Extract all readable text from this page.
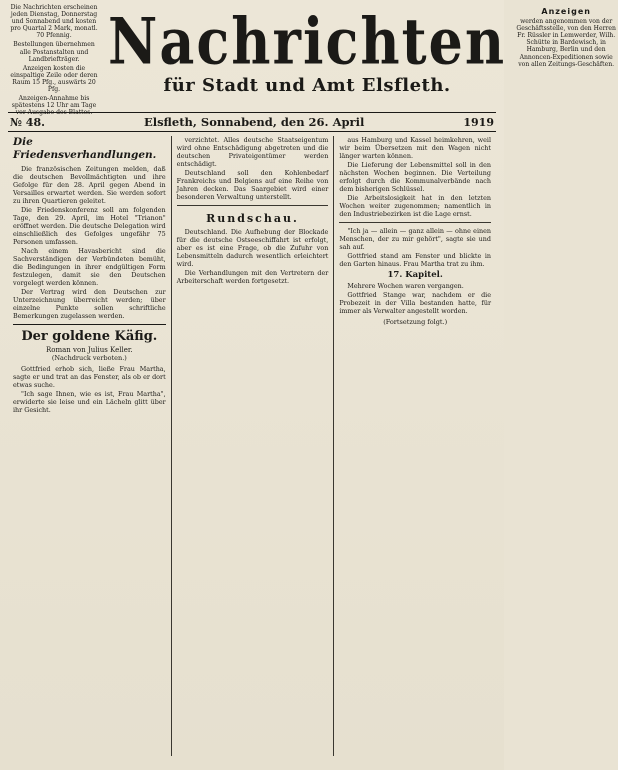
Die Nachrichten erscheinen jeden Dienstag, Donnerstag und Sonnabend und kosten pro Quartal 2 Mark, monatl. 70 Pfennig.

Bestellungen übernehmen alle Postanstalten und Landbriefträger.

Anzeigen kosten die einspaltige Zeile oder deren Raum 15 Pfg., auswärts 20 Pfg.

Anzeigen-Annahme bis spätestens 12 Uhr am Tage vor Ausgabe des Blattes.

Nachrichten
für Stadt und Amt Elsfleth.
Anzeigen

werden angenommen von der Geschäftsstelle, von den Herren Fr. Rüssler in Lemwerder, Wilh. Schütte in Bardewisch, in Hamburg, Berlin und den Annoncen-Expeditionen sowie von allen Zeitungs-Geschäften.

№ 48.	Elsfleth, Sonnabend, den 26. April	1919
Die Friedensverhandlungen.

Die französischen Zeitungen melden, daß die deutschen Bevollmächtigten und ihre Gefolge für den 28. April gegen Abend in Versailles erwartet werden. Sie werden sofort zu ihren Quartieren geleitet.

Die Friedenskonferenz soll am folgenden Tage, den 29. April, im Hotel "Trianon" eröffnet werden. Die deutsche Delegation wird einschließlich des Gefolges ungefähr 75 Personen umfassen.

Nach einem Havasbericht sind die Sachverständigen der Verbündeten bemüht, die Bedingungen in ihrer endgültigen Form festzulegen, damit sie den Deutschen vorgelegt werden können.

Der Vertrag wird den Deutschen zur Unterzeichnung überreicht werden; über einzelne Punkte sollen schriftliche Bemerkungen zugelassen werden.

Der goldene Käfig.
Roman von Julius Keller.
(Nachdruck verboten.)

Gottfried erhob sich, ließe Frau Martha, sagte er und trat an das Fenster, als ob er dort etwas suche.

"Ich sage Ihnen, wie es ist, Frau Martha", erwiderte sie leise und ein Lächeln glitt über ihr Gesicht.

verzichtet. Alles deutsche Staatseigentum wird ohne Entschädigung abgetreten und die deutschen Privateigentümer werden entschädigt.

Deutschland soll den Kohlenbedarf Frankreichs und Belgiens auf eine Reihe von Jahren decken. Das Saargebiet wird einer besonderen Verwaltung unterstellt.

Rundschau.

Deutschland. Die Aufhebung der Blockade für die deutsche Ostseeschiffahrt ist erfolgt, aber es ist eine Frage, ob die Zufuhr von Lebensmitteln dadurch wesentlich erleichtert wird.

Die Verhandlungen mit den Vertretern der Arbeiterschaft werden fortgesetzt.

aus Hamburg und Kassel heimkehren, weil wir beim Übersetzen mit den Wagen nicht länger warten können.

Die Lieferung der Lebensmittel soll in den nächsten Wochen beginnen. Die Verteilung erfolgt durch die Kommunalverbände nach dem bisherigen Schlüssel.

Die Arbeitslosigkeit hat in den letzten Wochen weiter zugenommen; namentlich in den Industriebezirken ist die Lage ernst.

"Ich ja — allein — ganz allein — ohne einen Menschen, der zu mir gehört", sagte sie und sah auf.

Gottfried stand am Fenster und blickte in den Garten hinaus. Frau Martha trat zu ihm.

17. Kapitel.

Mehrere Wochen waren vergangen.

Gottfried Stange war, nachdem er die Probezeit in der Villa bestanden hatte, für immer als Verwalter angestellt worden.

(Fortsetzung folgt.)
